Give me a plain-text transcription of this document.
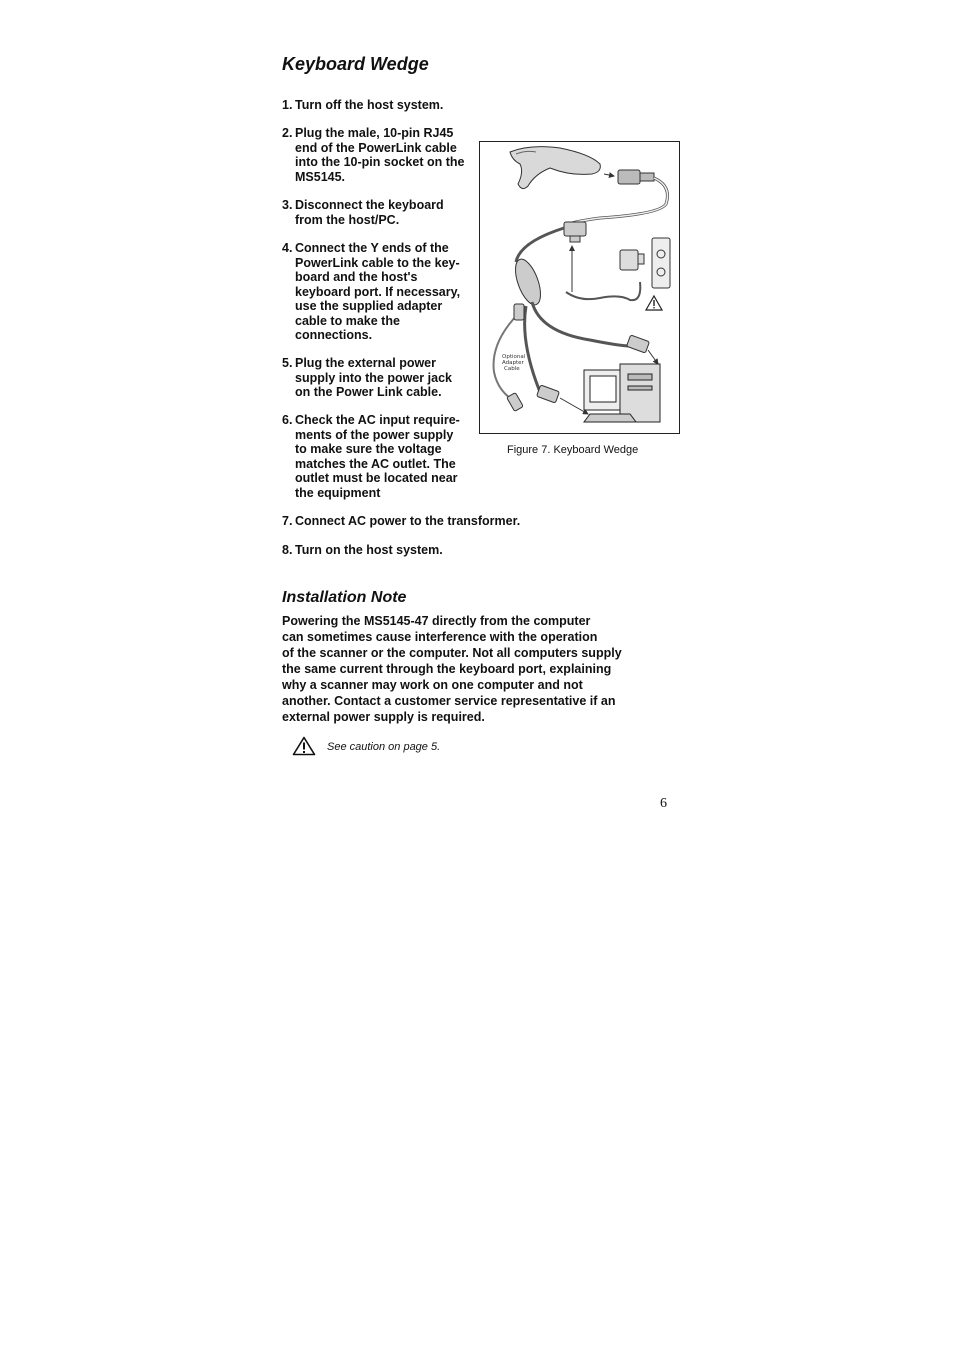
Keyboard Wedge
1. Turn off the host system.
2. Plug the male, 10-pin RJ45
end of the PowerLink cable
into the 10-pin socket on the
MS5145.
3. Disconnect the keyboard
from the host/PC.
4. Connect the Y ends of the
PowerLink cable to the key-
board and the host's
keyboard port. If necessary,
use the supplied adapter
cable to make the
connections.
5. Plug the external power
supply into the power jack
on the Power Link cable.
6. Check the AC input require-
ments of the power supply
to make sure the voltage
matches the AC outlet. The
outlet must be located near
the equipment
7. Connect AC power to the transformer.
8. Turn on the host system.
Optional
Adapter
Cable
Figure 7. Keyboard Wedge
Installation Note
Powering the MS5145-47 directly from the computer
can sometimes cause interference with the operation
of the scanner or the computer. Not all computers supply
the same current through the keyboard port, explaining
why a scanner may work on one computer and not
another. Contact a customer service representative if an
external power supply is required.
See caution on page 5.
6
